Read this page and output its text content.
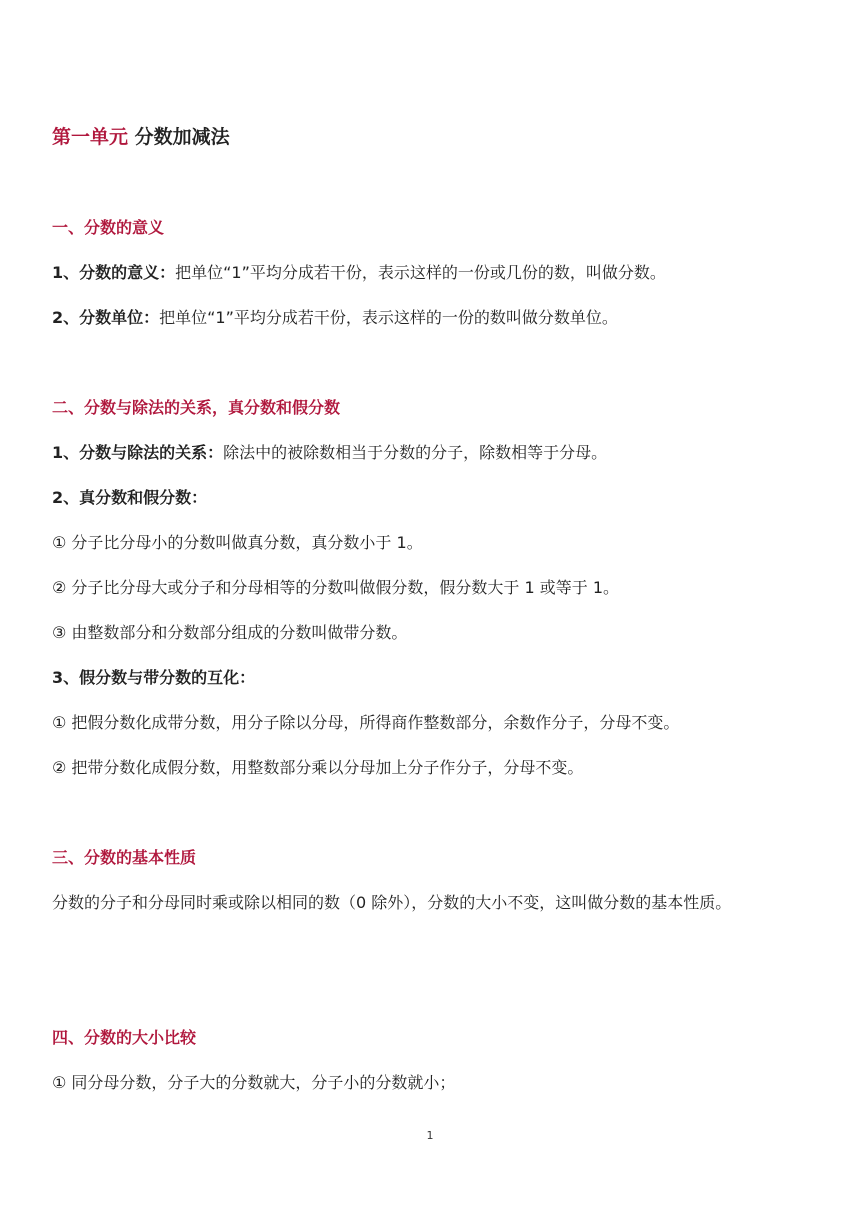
第一单元 分数加减法
一、分数的意义
1、分数的意义：把单位“1”平均分成若干份，表示这样的一份或几份的数，叫做分数。
2、分数单位：把单位“1”平均分成若干份，表示这样的一份的数叫做分数单位。
二、分数与除法的关系，真分数和假分数
1、分数与除法的关系：除法中的被除数相当于分数的分子，除数相等于分母。
2、真分数和假分数：
① 分子比分母小的分数叫做真分数，真分数小于 1。
② 分子比分母大或分子和分母相等的分数叫做假分数，假分数大于 1 或等于 1。
③ 由整数部分和分数部分组成的分数叫做带分数。
3、假分数与带分数的互化：
① 把假分数化成带分数，用分子除以分母，所得商作整数部分，余数作分子，分母不变。
② 把带分数化成假分数，用整数部分乘以分母加上分子作分子，分母不变。
三、分数的基本性质
分数的分子和分母同时乘或除以相同的数（0 除外），分数的大小不变，这叫做分数的基本性质。
四、分数的大小比较
① 同分母分数，分子大的分数就大，分子小的分数就小；
1
